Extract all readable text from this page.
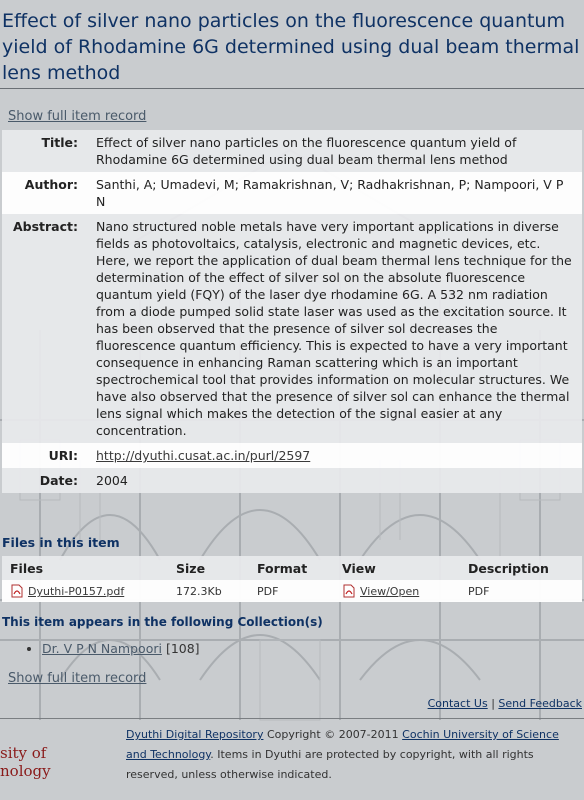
Effect of silver nano particles on the fluorescence quantum yield of Rhodamine 6G determined using dual beam thermal lens method
Show full item record
Title:	Effect of silver nano particles on the fluorescence quantum yield of Rhodamine 6G determined using dual beam thermal lens method
Author:	Santhi, A; Umadevi, M; Ramakrishnan, V; Radhakrishnan, P; Nampoori, V P N
Abstract:	Nano structured noble metals have very important applications in diverse fields as photovoltaics, catalysis, electronic and magnetic devices, etc. Here, we report the application of dual beam thermal lens technique for the determination of the effect of silver sol on the absolute fluorescence quantum yield (FQY) of the laser dye rhodamine 6G. A 532 nm radiation from a diode pumped solid state laser was used as the excitation source. It has been observed that the presence of silver sol decreases the fluorescence quantum efficiency. This is expected to have a very important consequence in enhancing Raman scattering which is an important spectrochemical tool that provides information on molecular structures. We have also observed that the presence of silver sol can enhance the thermal lens signal which makes the detection of the signal easier at any concentration.
URI:	http://dyuthi.cusat.ac.in/purl/2597
Date:	2004
Files in this item
Files	Size	Format	View	Description
Dyuthi-P0157.pdf	172.3Kb	PDF	View/Open	PDF
This item appears in the following Collection(s)
• Dr. V P N Nampoori [108]
Show full item record
Contact Us | Send Feedback
Dyuthi Digital Repository Copyright © 2007-2011 Cochin University of Science and Technology. Items in Dyuthi are protected by copyright, with all rights reserved, unless otherwise indicated.
sity of
nology
